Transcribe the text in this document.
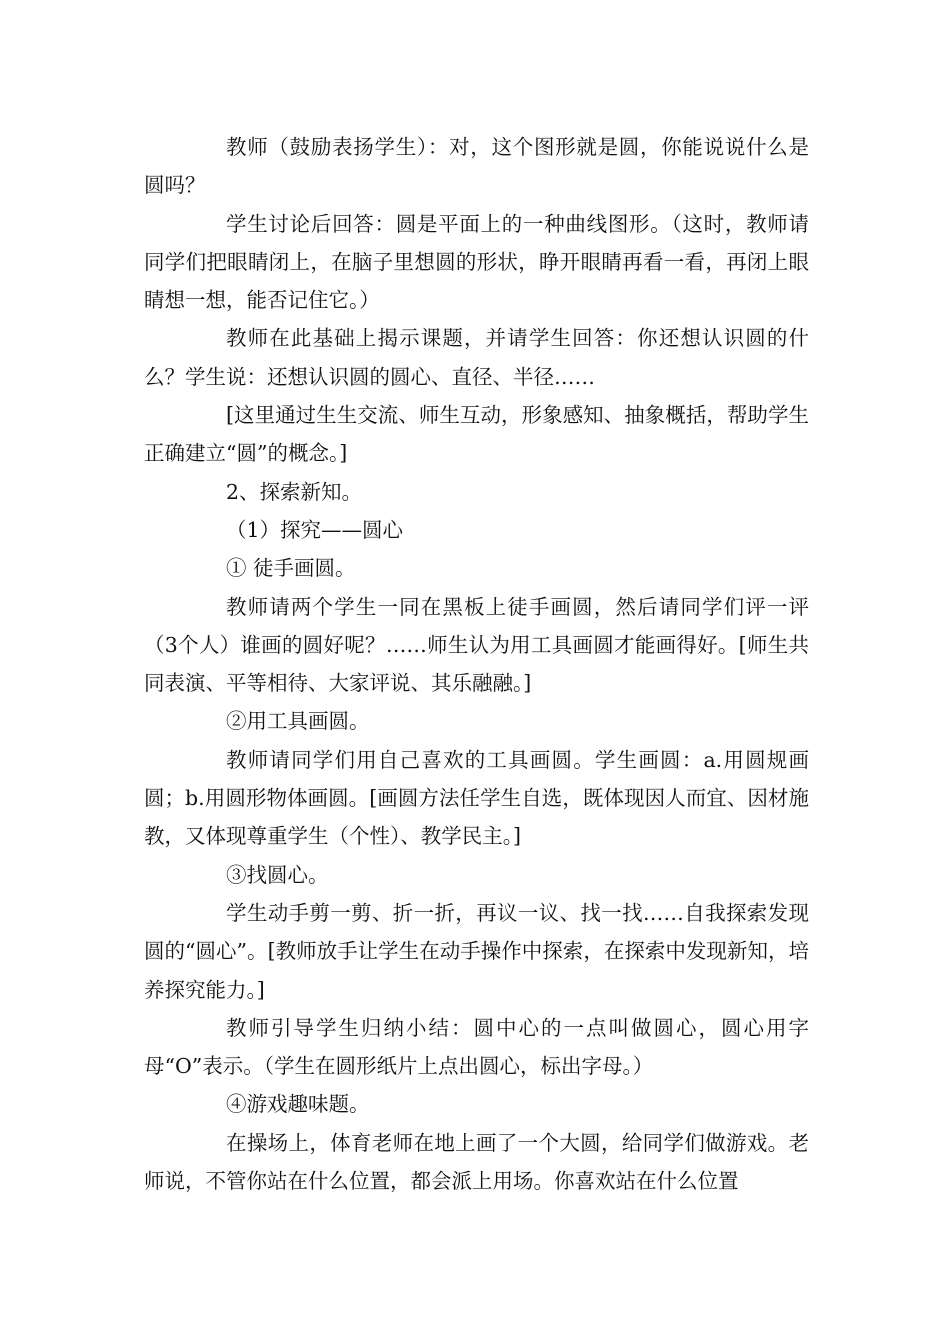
教师（鼓励表扬学生）：对，这个图形就是圆，你能说说什么是圆吗？

学生讨论后回答：圆是平面上的一种曲线图形。（这时，教师请同学们把眼睛闭上，在脑子里想圆的形状，睁开眼睛再看一看，再闭上眼睛想一想，能否记住它。）

教师在此基础上揭示课题，并请学生回答：你还想认识圆的什么？学生说：还想认识圆的圆心、直径、半径……

[这里通过生生交流、师生互动，形象感知、抽象概括，帮助学生正确建立“圆”的概念。]

2、探索新知。

（1）探究——圆心

① 徒手画圆。

教师请两个学生一同在黑板上徒手画圆，然后请同学们评一评（3个人）谁画的圆好呢？……师生认为用工具画圆才能画得好。[师生共同表演、平等相待、大家评说、其乐融融。]

②用工具画圆。

教师请同学们用自己喜欢的工具画圆。学生画圆：a.用圆规画圆；b.用圆形物体画圆。[画圆方法任学生自选，既体现因人而宜、因材施教，又体现尊重学生（个性）、教学民主。]

③找圆心。

学生动手剪一剪、折一折，再议一议、找一找……自我探索发现圆的“圆心”。[教师放手让学生在动手操作中探索，在探索中发现新知，培养探究能力。]

教师引导学生归纳小结：圆中心的一点叫做圆心，圆心用字母“O”表示。（学生在圆形纸片上点出圆心，标出字母。）

④游戏趣味题。

在操场上，体育老师在地上画了一个大圆，给同学们做游戏。老师说，不管你站在什么位置，都会派上用场。你喜欢站在什么位置
